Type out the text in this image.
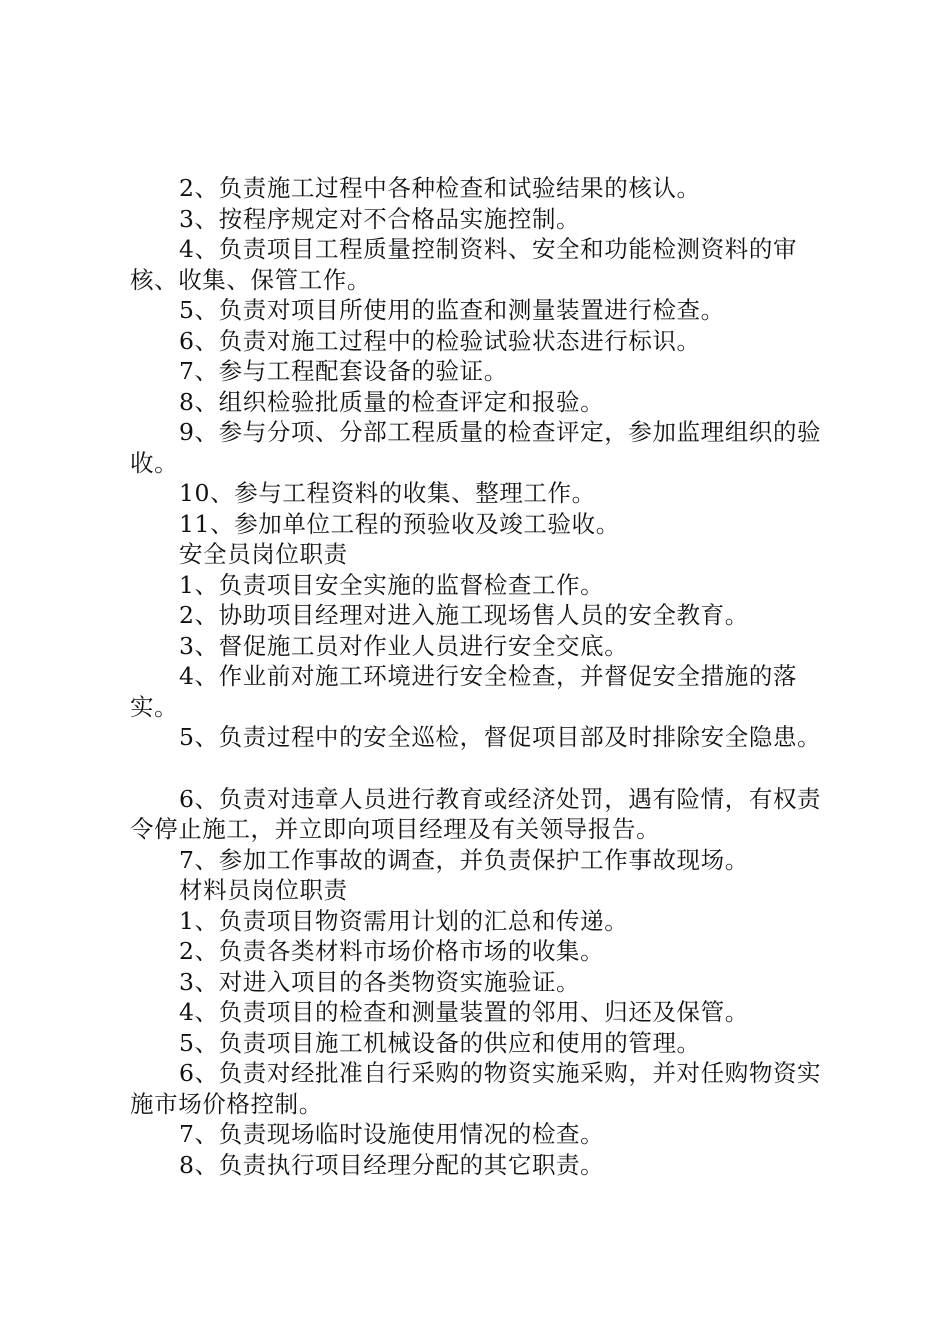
2、负责施工过程中各种检查和试验结果的核认。

3、按程序规定对不合格品实施控制。

4、负责项目工程质量控制资料、安全和功能检测资料的审核、收集、保管工作。

5、负责对项目所使用的监查和测量装置进行检查。

6、负责对施工过程中的检验试验状态进行标识。

7、参与工程配套设备的验证。

8、组织检验批质量的检查评定和报验。

9、参与分项、分部工程质量的检查评定，参加监理组织的验收。

10、参与工程资料的收集、整理工作。

11、参加单位工程的预验收及竣工验收。

安全员岗位职责

1、负责项目安全实施的监督检查工作。

2、协助项目经理对进入施工现场售人员的安全教育。

3、督促施工员对作业人员进行安全交底。

4、作业前对施工环境进行安全检查，并督促安全措施的落实。

5、负责过程中的安全巡检，督促项目部及时排除安全隐患。

6、负责对违章人员进行教育或经济处罚，遇有险情，有权责令停止施工，并立即向项目经理及有关领导报告。

7、参加工作事故的调查，并负责保护工作事故现场。

材料员岗位职责

1、负责项目物资需用计划的汇总和传递。

2、负责各类材料市场价格市场的收集。

3、对进入项目的各类物资实施验证。

4、负责项目的检查和测量装置的邻用、归还及保管。

5、负责项目施工机械设备的供应和使用的管理。

6、负责对经批准自行采购的物资实施采购，并对任购物资实施市场价格控制。

7、负责现场临时设施使用情况的检查。

8、负责执行项目经理分配的其它职责。
